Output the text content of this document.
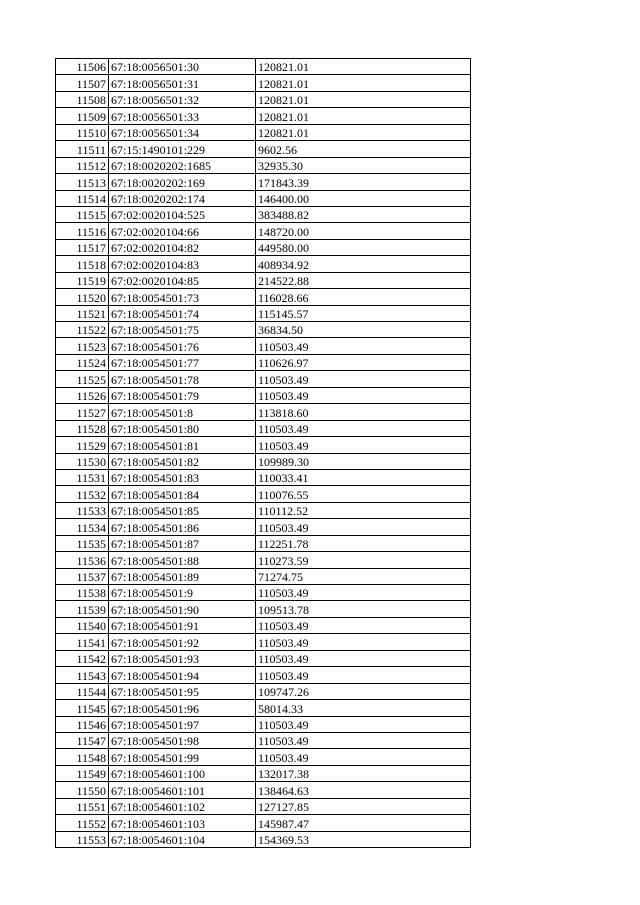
11506	67:18:0056501:30	120821.01
11507	67:18:0056501:31	120821.01
11508	67:18:0056501:32	120821.01
11509	67:18:0056501:33	120821.01
11510	67:18:0056501:34	120821.01
11511	67:15:1490101:229	9602.56
11512	67:18:0020202:1685	32935.30
11513	67:18:0020202:169	171843.39
11514	67:18:0020202:174	146400.00
11515	67:02:0020104:525	383488.82
11516	67:02:0020104:66	148720.00
11517	67:02:0020104:82	449580.00
11518	67:02:0020104:83	408934.92
11519	67:02:0020104:85	214522.88
11520	67:18:0054501:73	116028.66
11521	67:18:0054501:74	115145.57
11522	67:18:0054501:75	36834.50
11523	67:18:0054501:76	110503.49
11524	67:18:0054501:77	110626.97
11525	67:18:0054501:78	110503.49
11526	67:18:0054501:79	110503.49
11527	67:18:0054501:8	113818.60
11528	67:18:0054501:80	110503.49
11529	67:18:0054501:81	110503.49
11530	67:18:0054501:82	109989.30
11531	67:18:0054501:83	110033.41
11532	67:18:0054501:84	110076.55
11533	67:18:0054501:85	110112.52
11534	67:18:0054501:86	110503.49
11535	67:18:0054501:87	112251.78
11536	67:18:0054501:88	110273.59
11537	67:18:0054501:89	71274.75
11538	67:18:0054501:9	110503.49
11539	67:18:0054501:90	109513.78
11540	67:18:0054501:91	110503.49
11541	67:18:0054501:92	110503.49
11542	67:18:0054501:93	110503.49
11543	67:18:0054501:94	110503.49
11544	67:18:0054501:95	109747.26
11545	67:18:0054501:96	58014.33
11546	67:18:0054501:97	110503.49
11547	67:18:0054501:98	110503.49
11548	67:18:0054501:99	110503.49
11549	67:18:0054601:100	132017.38
11550	67:18:0054601:101	138464.63
11551	67:18:0054601:102	127127.85
11552	67:18:0054601:103	145987.47
11553	67:18:0054601:104	154369.53
